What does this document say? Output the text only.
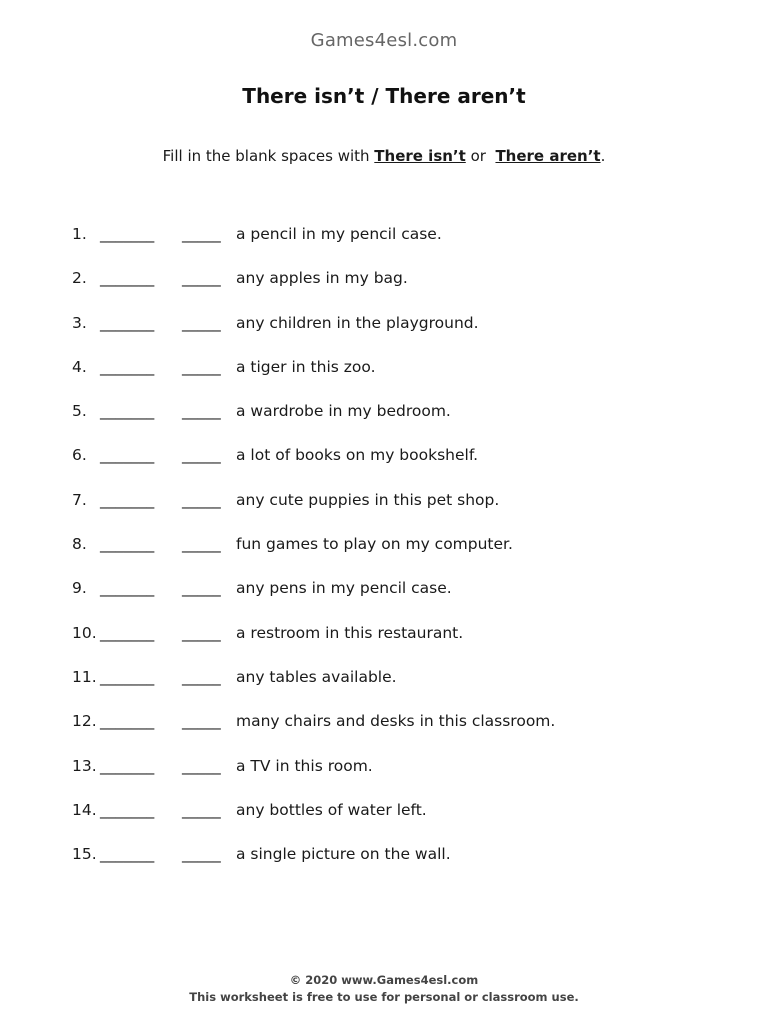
Games4esl.com
There isn’t / There aren’t
Fill in the blank spaces with There isn’t or  There aren’t.
1. _______	_____ a pencil in my pencil case.
2. _______	_____ any apples in my bag.
3. _______	_____ any children in the playground.
4. _______	_____ a tiger in this zoo.
5. _______	_____ a wardrobe in my bedroom.
6. _______	_____ a lot of books on my bookshelf.
7. _______	_____ any cute puppies in this pet shop.
8. _______	_____ fun games to play on my computer.
9. _______	_____ any pens in my pencil case.
10. _______	_____ a restroom in this restaurant.
11. _______	_____ any tables available.
12. _______	_____ many chairs and desks in this classroom.
13. _______	_____ a TV in this room.
14. _______	_____ any bottles of water left.
15. _______	_____ a single picture on the wall.
© 2020 www.Games4esl.com
This worksheet is free to use for personal or classroom use.
